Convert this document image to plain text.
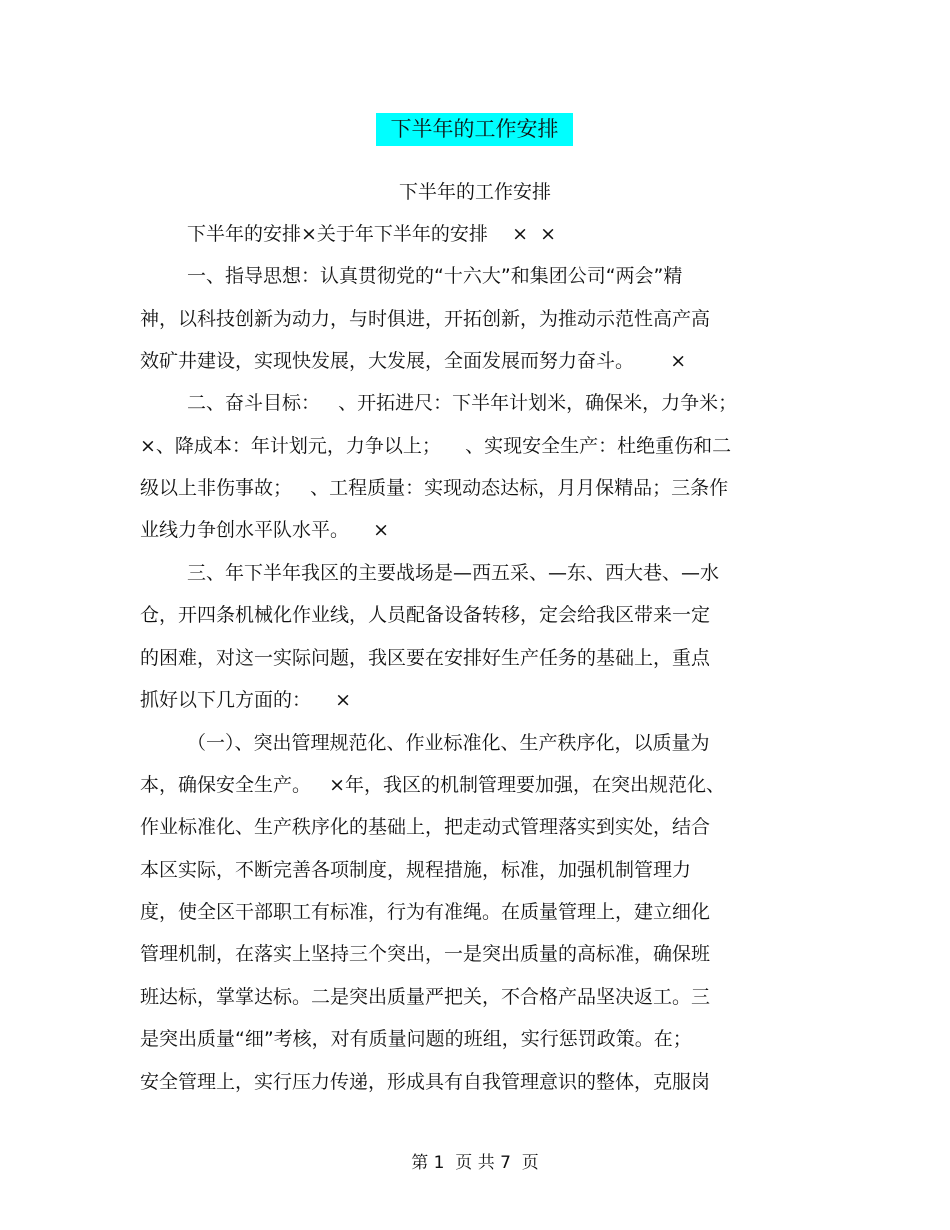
下半年的工作安排
下半年的工作安排
下半年的安排×关于年下半年的安排    ×  ×
一、指导思想：认真贯彻党的“十六大”和集团公司“两会”精
神，以科技创新为动力，与时俱进，开拓创新，为推动示范性高产高
效矿井建设，实现快发展，大发展，全面发展而努力奋斗。      ×
二、奋斗目标：   、开拓进尺：下半年计划米，确保米，力争米；
×、降成本：年计划元，力争以上；    、实现安全生产：杜绝重伤和二
级以上非伤事故；   、工程质量：实现动态达标，月月保精品；三条作
业线力争创水平队水平。    ×
三、年下半年我区的主要战场是—西五采、—东、西大巷、—水
仓，开四条机械化作业线，人员配备设备转移，定会给我区带来一定
的困难，对这一实际问题，我区要在安排好生产任务的基础上，重点
抓好以下几方面的：    ×
（一）、突出管理规范化、作业标准化、生产秩序化，以质量为
本，确保安全生产。   ×年，我区的机制管理要加强，在突出规范化、
作业标准化、生产秩序化的基础上，把走动式管理落实到实处，结合
本区实际，不断完善各项制度，规程措施，标准，加强机制管理力
度，使全区干部职工有标准，行为有准绳。在质量管理上，建立细化
管理机制，在落实上坚持三个突出，一是突出质量的高标准，确保班
班达标，掌掌达标。二是突出质量严把关，不合格产品坚决返工。三
是突出质量“细”考核，对有质量问题的班组，实行惩罚政策。在；
安全管理上，实行压力传递，形成具有自我管理意识的整体，克服岗
第 1  页 共 7  页
